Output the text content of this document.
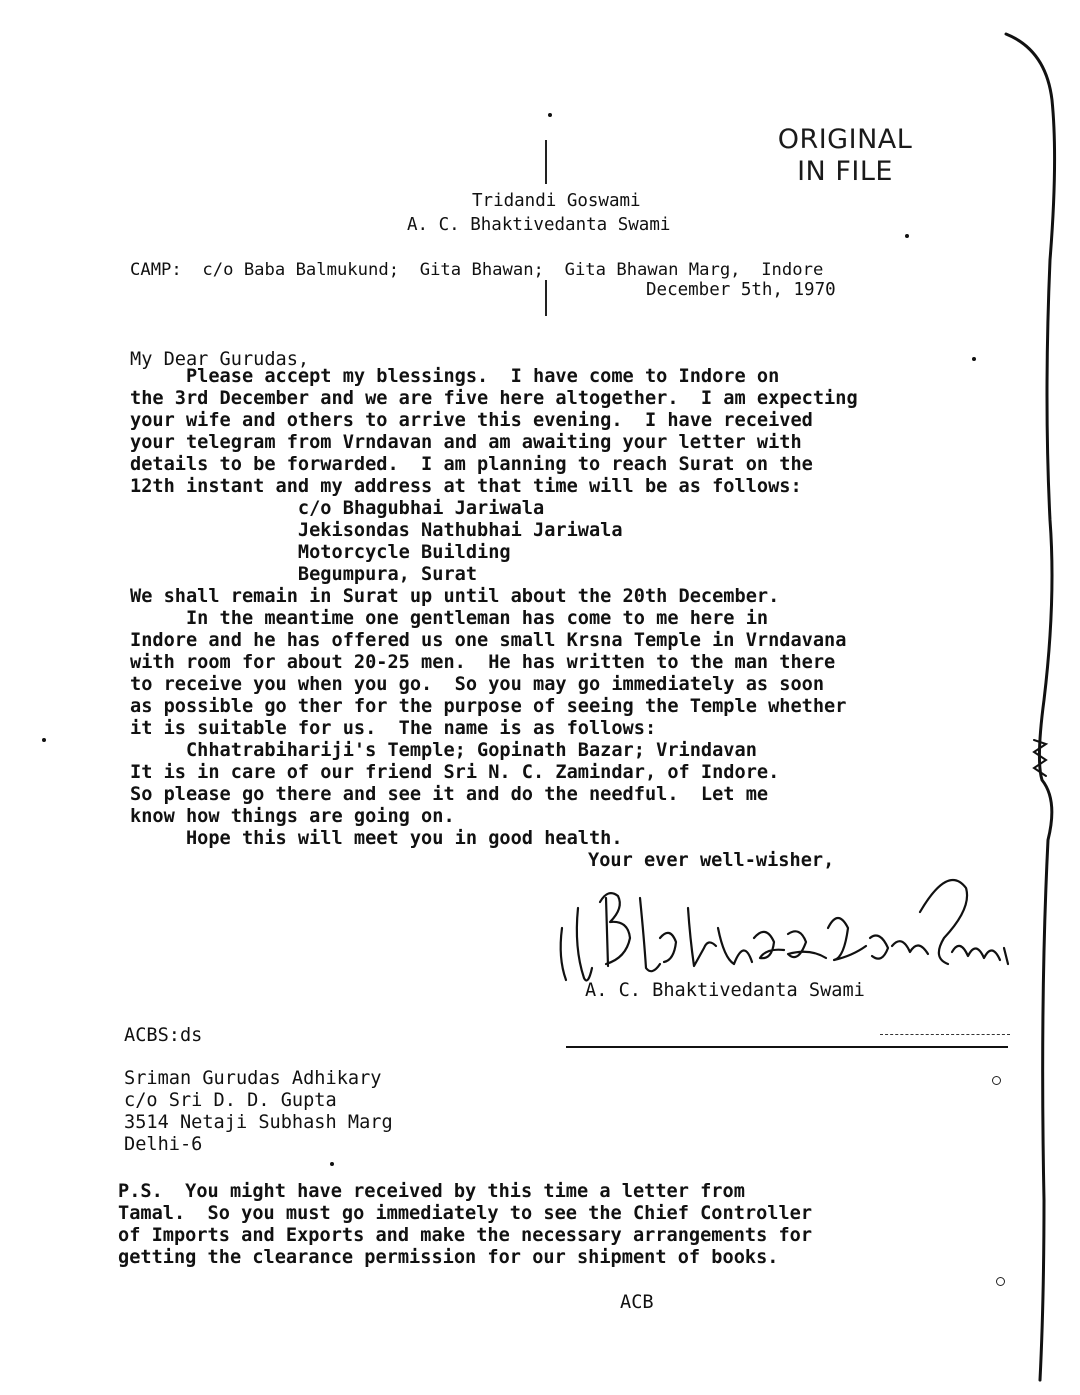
ORIGINAL
IN FILE
Tridandi Goswami
A. C. Bhaktivedanta Swami
CAMP:  c/o Baba Balmukund;  Gita Bhawan;  Gita Bhawan Marg,  Indore
December 5th, 1970
My Dear Gurudas,
Please accept my blessings.  I have come to Indore on
the 3rd December and we are five here altogether.  I am expecting
your wife and others to arrive this evening.  I have received
your telegram from Vrndavan and am awaiting your letter with
details to be forwarded.  I am planning to reach Surat on the
12th instant and my address at that time will be as follows:
c/o Bhagubhai Jariwala
Jekisondas Nathubhai Jariwala
Motorcycle Building
Begumpura, Surat
We shall remain in Surat up until about the 20th December.
In the meantime one gentleman has come to me here in
Indore and he has offered us one small Krsna Temple in Vrndavana
with room for about 20-25 men.  He has written to the man there
to receive you when you go.  So you may go immediately as soon
as possible go ther for the purpose of seeing the Temple whether
it is suitable for us.  The name is as follows:
Chhatrabihariji's Temple; Gopinath Bazar; Vrindavan
It is in care of our friend Sri N. C. Zamindar, of Indore.
So please go there and see it and do the needful.  Let me
know how things are going on.
Hope this will meet you in good health.
Your ever well-wisher,
A. C. Bhaktivedanta Swami
ACBS:ds
Sriman Gurudas Adhikary
c/o Sri D. D. Gupta
3514 Netaji Subhash Marg
Delhi-6
P.S.  You might have received by this time a letter from
Tamal.  So you must go immediately to see the Chief Controller
of Imports and Exports and make the necessary arrangements for
getting the clearance permission for our shipment of books.
ACB
